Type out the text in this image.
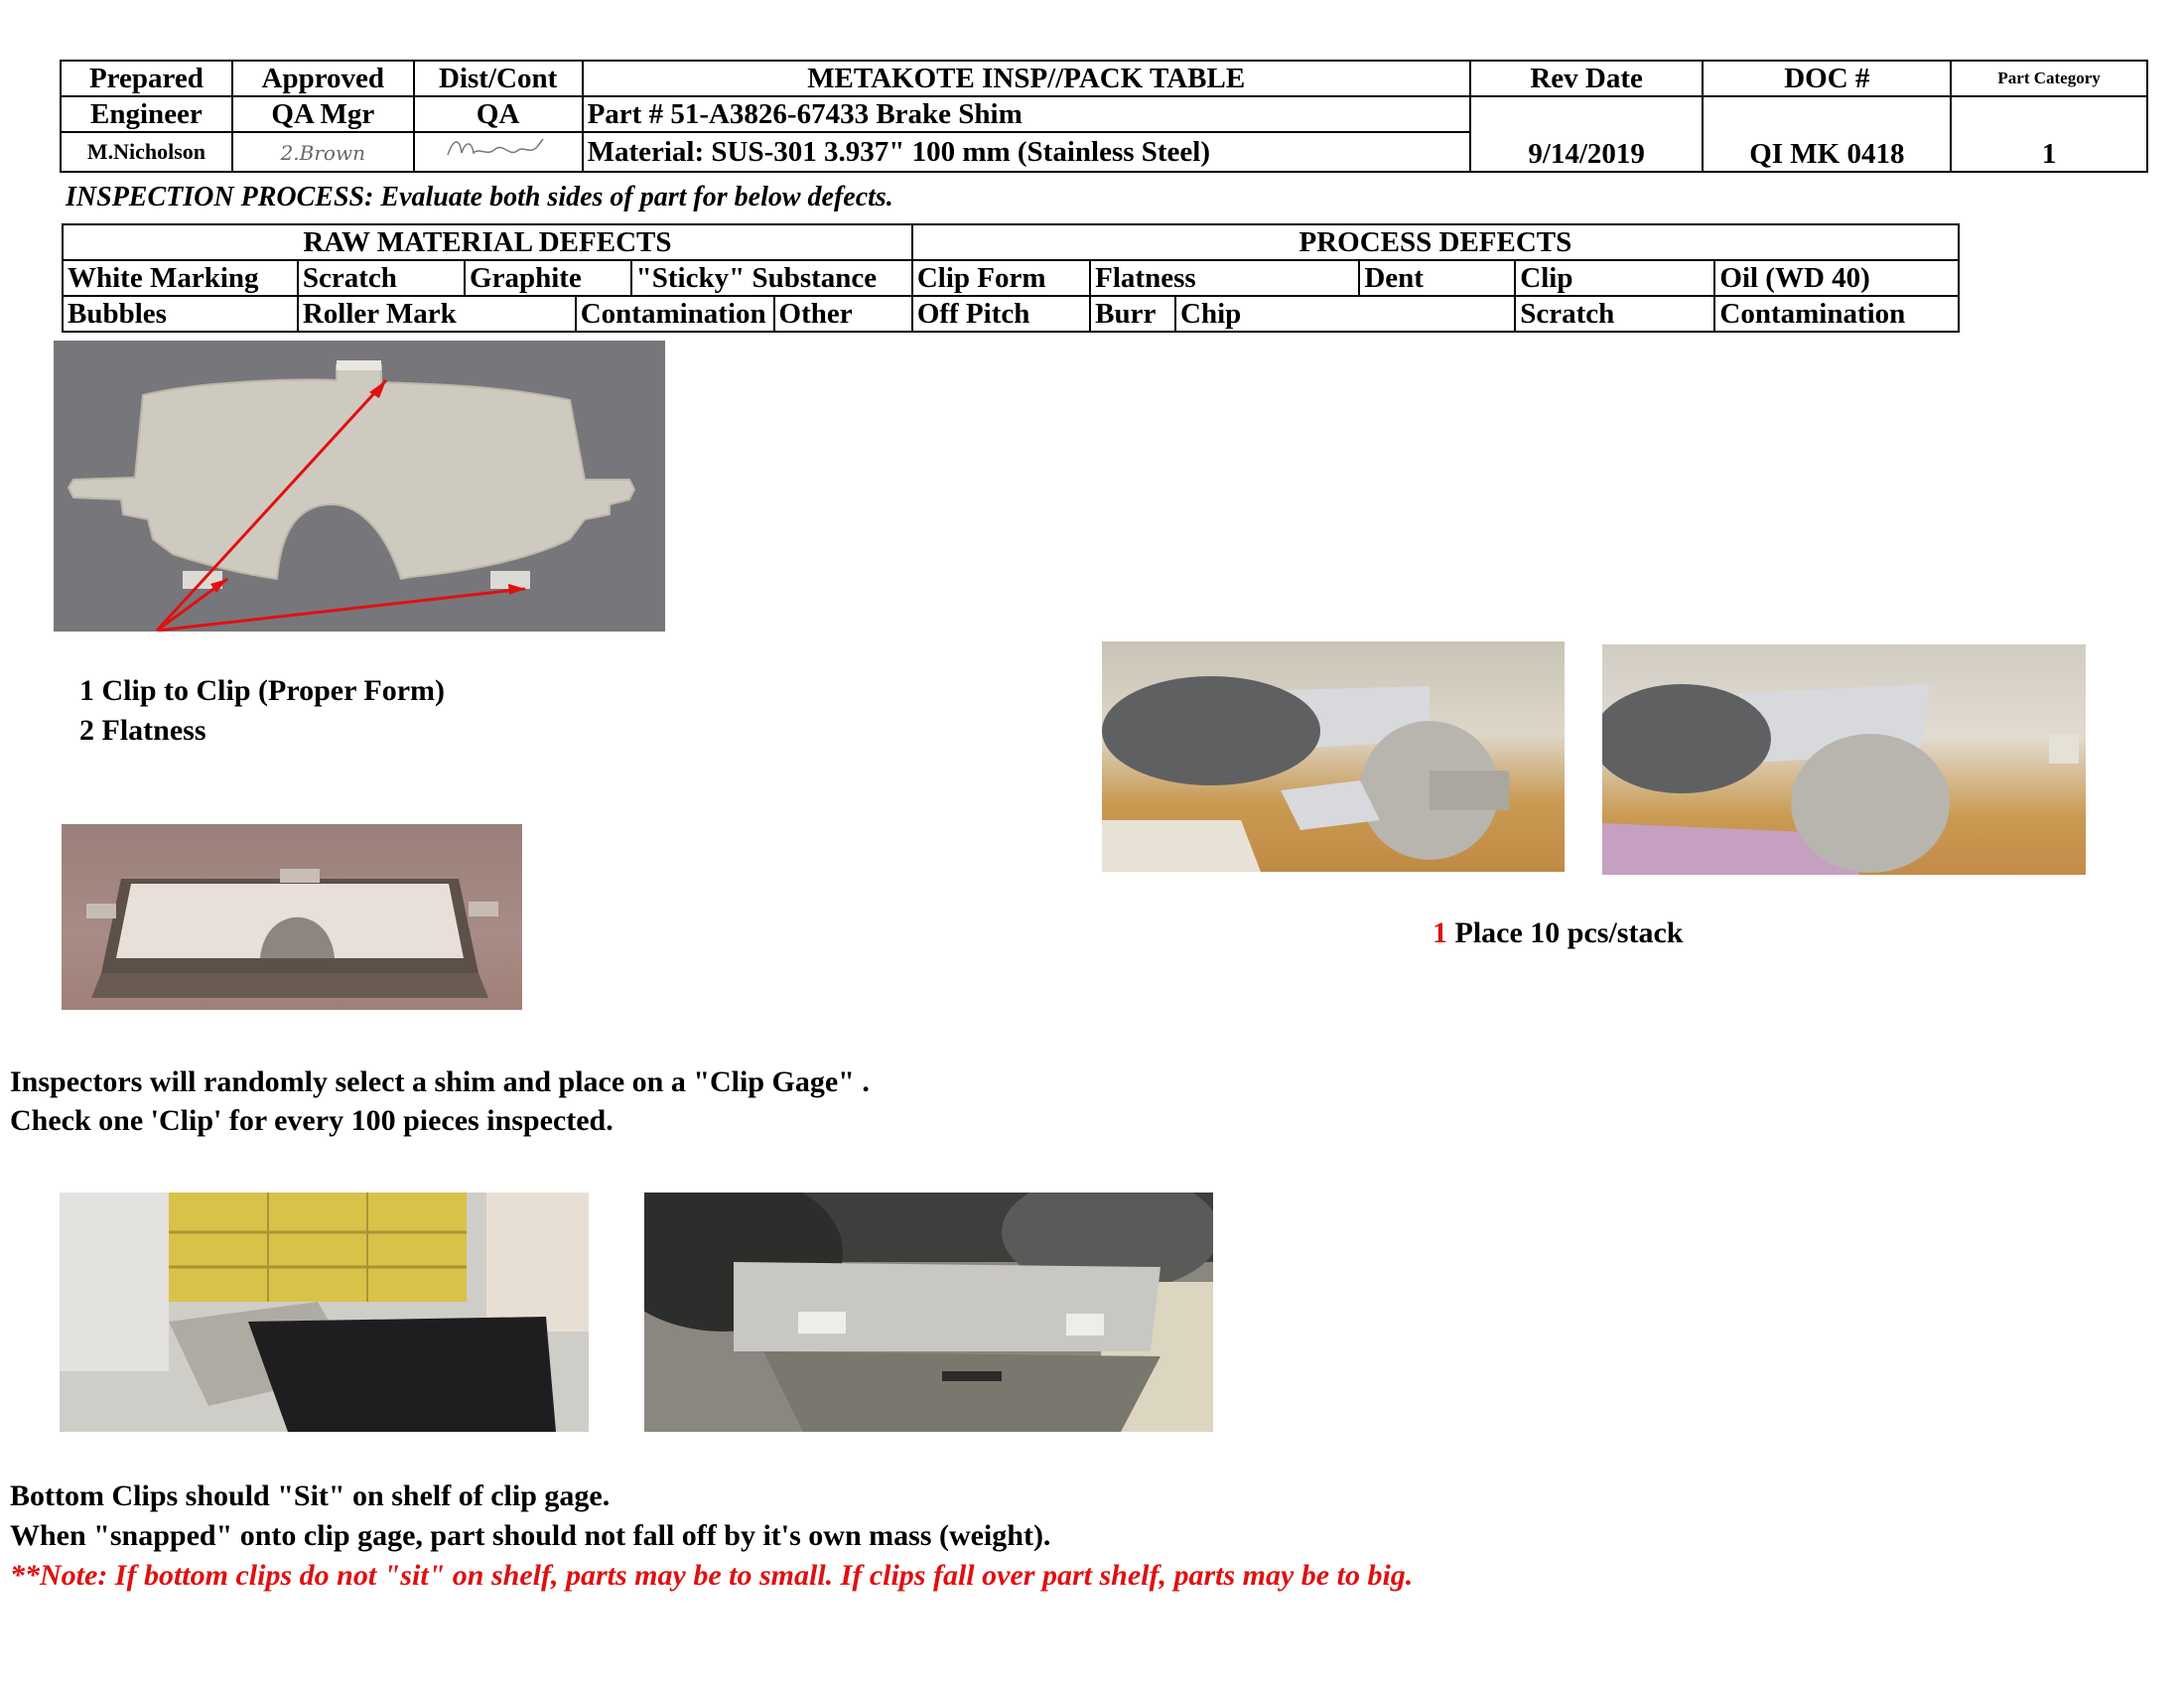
Prepared	Approved	Dist/Cont	METAKOTE INSP//PACK TABLE	Rev Date	DOC #	Part Category
Engineer	QA Mgr	QA	Part # 51-A3826-67433 Brake Shim	9/14/2019	QI MK 0418	1
M.Nicholson	2.Brown		Material: SUS-301 3.937" 100 mm (Stainless Steel)			
INSPECTION PROCESS: Evaluate both sides of part for below defects.
RAW MATERIAL DEFECTS						PROCESS DEFECTS					
White Marking	Scratch	Graphite		"Sticky" Substance		Clip Form	Flatness		Dent	Clip	Oil (WD 40)
Bubbles	Roller Mark		Contamination		Other	Off Pitch	Burr	Chip		Scratch	Contamination
1 Clip to Clip (Proper Form)
2 Flatness
1 Place 10 pcs/stack
Inspectors will randomly select a shim and place on a "Clip Gage" .
Check one 'Clip' for every 100 pieces inspected.
Bottom Clips should "Sit" on shelf of clip gage.
When "snapped" onto clip gage, part should not fall off by it's own mass (weight).
**Note: If bottom clips do not "sit" on shelf, parts may be to small. If clips fall over part shelf, parts may be to big.
